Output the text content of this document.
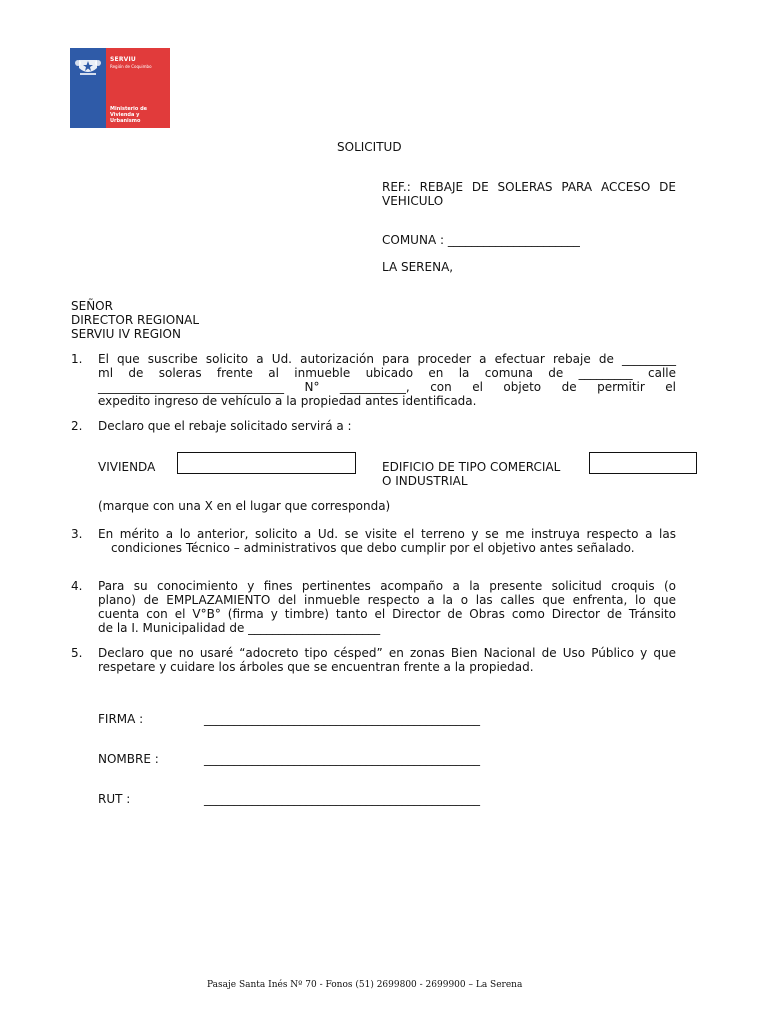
SERVIU
Región de Coquimbo
Ministerio de
Vivienda y
Urbanismo
SOLICITUD
REF.: REBAJE DE SOLERAS PARA ACCESO DE
VEHICULO
COMUNA : ______________________
LA SERENA,
SEÑOR
DIRECTOR REGIONAL
SERVIU IV REGION
1. El que suscribe solicito a Ud. autorización para proceder a efectuar rebaje de _________
ml de soleras frente al inmueble ubicado en la comuna de _________ calle
_______________________________ N° ___________, con el objeto de permitir el
expedito ingreso de vehículo a la propiedad antes identificada.
2. Declaro que el rebaje solicitado servirá a :
VIVIENDA	EDIFICIO DE TIPO COMERCIAL
O INDUSTRIAL
(marque con una X en el lugar que corresponda)
3. En mérito a lo anterior, solicito a Ud. se visite el terreno y se me instruya respecto a las
condiciones Técnico – administrativos que debo cumplir por el objetivo antes señalado.
4. Para su conocimiento y fines pertinentes acompaño a la presente solicitud croquis (o
plano) de EMPLAZAMIENTO del inmueble respecto a la o las calles que enfrenta, lo que
cuenta con el V°B° (firma y timbre) tanto el Director de Obras como Director de Tránsito
de la I. Municipalidad de ______________________
5. Declaro que no usaré “adocreto tipo césped” en zonas Bien Nacional de Uso Público y que
respetare y cuidare los árboles que se encuentran frente a la propiedad.
FIRMA :	______________________________________________
NOMBRE :	______________________________________________
RUT :	______________________________________________
Pasaje Santa Inés Nº 70 - Fonos (51) 2699800 - 2699900 – La Serena
